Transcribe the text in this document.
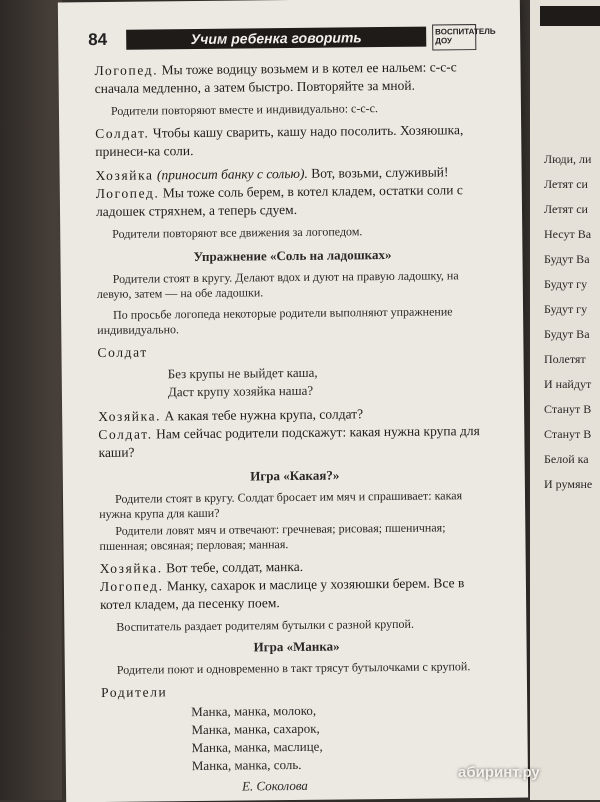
84	Учим ребенка говорить	ВОСПИТАТЕЛЬ ДОУ

Логопед. Мы тоже водицу возьмем и в котел ее нальем: с-с-с сначала медленно, а затем быстро. Повторяйте за мной.

Родители повторяют вместе и индивидуально: с-с-с.

Солдат. Чтобы кашу сварить, кашу надо посолить. Хозяюшка, принеси-ка соли.

Хозяйка (приносит банку с солью). Вот, возьми, служивый!

Логопед. Мы тоже соль берем, в котел кладем, остатки соли с ладошек стряхнем, а теперь сдуем.

Родители повторяют все движения за логопедом.

Упражнение «Соль на ладошках»

Родители стоят в кругу. Делают вдох и дуют на правую ладошку, на левую, затем — на обе ладошки.

По просьбе логопеда некоторые родители выполняют упражнение индивидуально.

Солдат

Без крупы не выйдет каша,
Даст крупу хозяйка наша?

Хозяйка. А какая тебе нужна крупа, солдат?

Солдат. Нам сейчас родители подскажут: какая нужна крупа для каши?

Игра «Какая?»

Родители стоят в кругу. Солдат бросает им мяч и спрашивает: какая нужна крупа для каши?

Родители ловят мяч и отвечают: гречневая; рисовая; пшеничная; пшенная; овсяная; перловая; манная.

Хозяйка. Вот тебе, солдат, манка.

Логопед. Манку, сахарок и маслице у хозяюшки берем. Все в котел кладем, да песенку поем.

Воспитатель раздает родителям бутылки с разной крупой.

Игра «Манка»

Родители поют и одновременно в такт трясут бутылочками с крупой.

Родители

Манка, манка, молоко,
Манка, манка, сахарок,
Манка, манка, маслице,
Манка, манка, соль.
Е. Соколова
Люди, ли
Летят си
Летят си
Несут Ва
Будут Ва
Будут гу
Будут гу
Будут Ва
Полетят
И найдут
Станут В
Станут В
Белой ка
И румяне
абиринт.ру
